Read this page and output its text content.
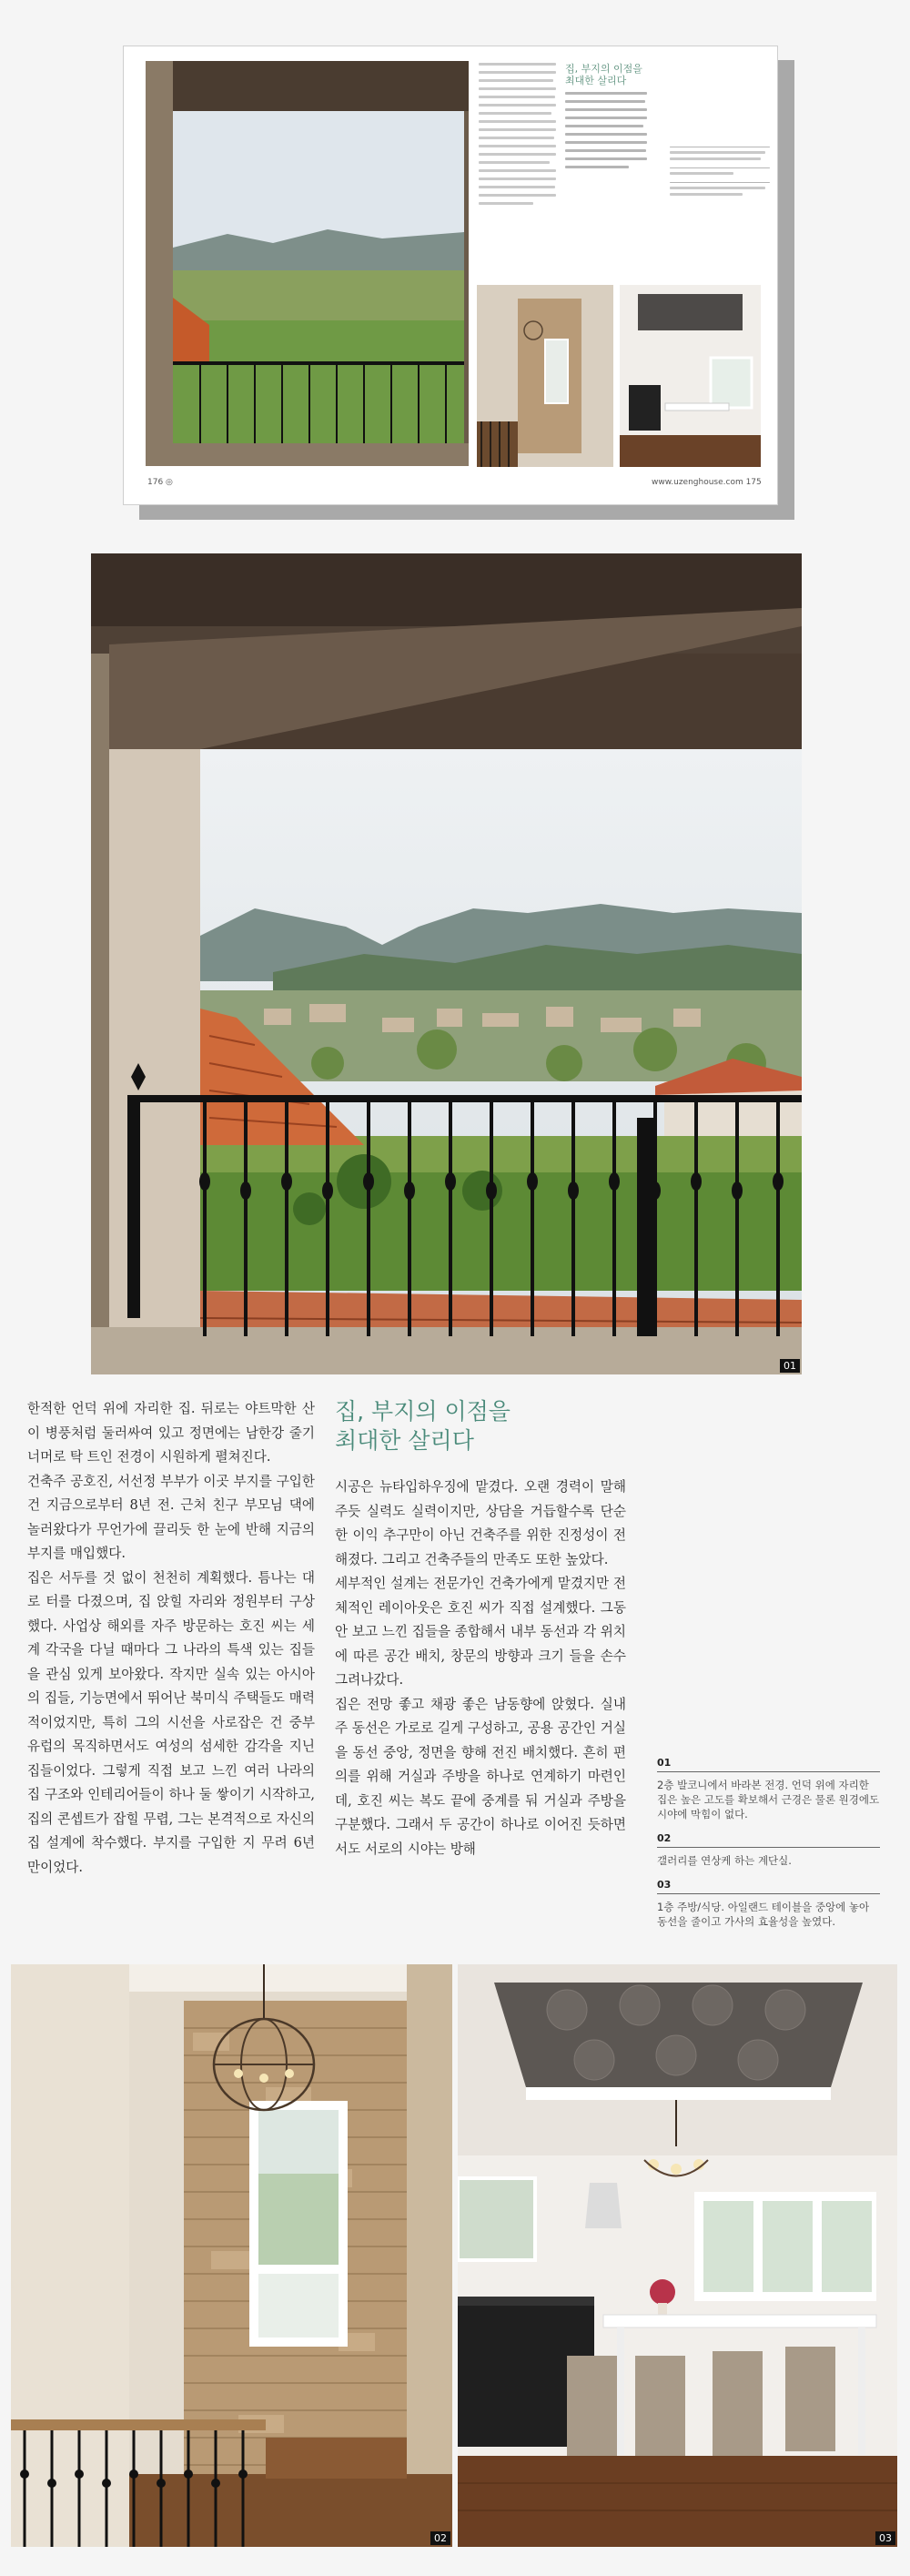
집, 부지의 이점을
최대한 살리다
176 ◎	www.uzenghouse.com 175
01

한적한 언덕 위에 자리한 집. 뒤로는 야트막한 산이 병풍처럼 둘러싸여 있고 정면에는 남한강 줄기 너머로 탁 트인 전경이 시원하게 펼쳐진다.

건축주 공호진, 서선정 부부가 이곳 부지를 구입한 건 지금으로부터 8년 전. 근처 친구 부모님 댁에 놀러왔다가 무언가에 끌리듯 한 눈에 반해 지금의 부지를 매입했다.

집은 서두를 것 없이 천천히 계획했다. 틈나는 대로 터를 다졌으며, 집 앉힐 자리와 정원부터 구상했다. 사업상 해외를 자주 방문하는 호진 씨는 세계 각국을 다닐 때마다 그 나라의 특색 있는 집들을 관심 있게 보아왔다. 작지만 실속 있는 아시아의 집들, 기능면에서 뛰어난 북미식 주택들도 매력적이었지만, 특히 그의 시선을 사로잡은 건 중부 유럽의 목직하면서도 여성의 섬세한 감각을 지닌 집들이었다. 그렇게 직접 보고 느낀 여러 나라의 집 구조와 인테리어들이 하나 둘 쌓이기 시작하고, 집의 콘셉트가 잡힐 무렵, 그는 본격적으로 자신의 집 설계에 착수했다. 부지를 구입한 지 무려 6년 만이었다.

집, 부지의 이점을
최대한 살리다

시공은 뉴타입하우징에 맡겼다. 오랜 경력이 말해주듯 실력도 실력이지만, 상담을 거듭할수록 단순한 이익 추구만이 아닌 건축주를 위한 진정성이 전해졌다. 그리고 건축주들의 만족도 또한 높았다.

세부적인 설계는 전문가인 건축가에게 맡겼지만 전체적인 레이아웃은 호진 씨가 직접 설계했다. 그동안 보고 느낀 집들을 종합해서 내부 동선과 각 위치에 따른 공간 배치, 창문의 방향과 크기 들을 손수 그려나갔다.

집은 전망 좋고 채광 좋은 남동향에 앉혔다. 실내 주 동선은 가로로 길게 구성하고, 공용 공간인 거실을 동선 중앙, 정면을 향해 전진 배치했다. 흔히 편의를 위해 거실과 주방을 하나로 연계하기 마련인데, 호진 씨는 복도 끝에 중계를 둬 거실과 주방을 구분했다. 그래서 두 공간이 하나로 이어진 듯하면서도 서로의 시야는 방해

01
2층 발코니에서 바라본 전경. 언덕 위에 자리한 집은 높은 고도를 확보해서 근경은 물론 원경에도 시야에 막힘이 없다.
02
갤러리를 연상케 하는 계단실.
03
1층 주방/식당. 아일랜드 테이블을 중앙에 놓아 동선을 줄이고 가사의 효율성을 높였다.
02	03
